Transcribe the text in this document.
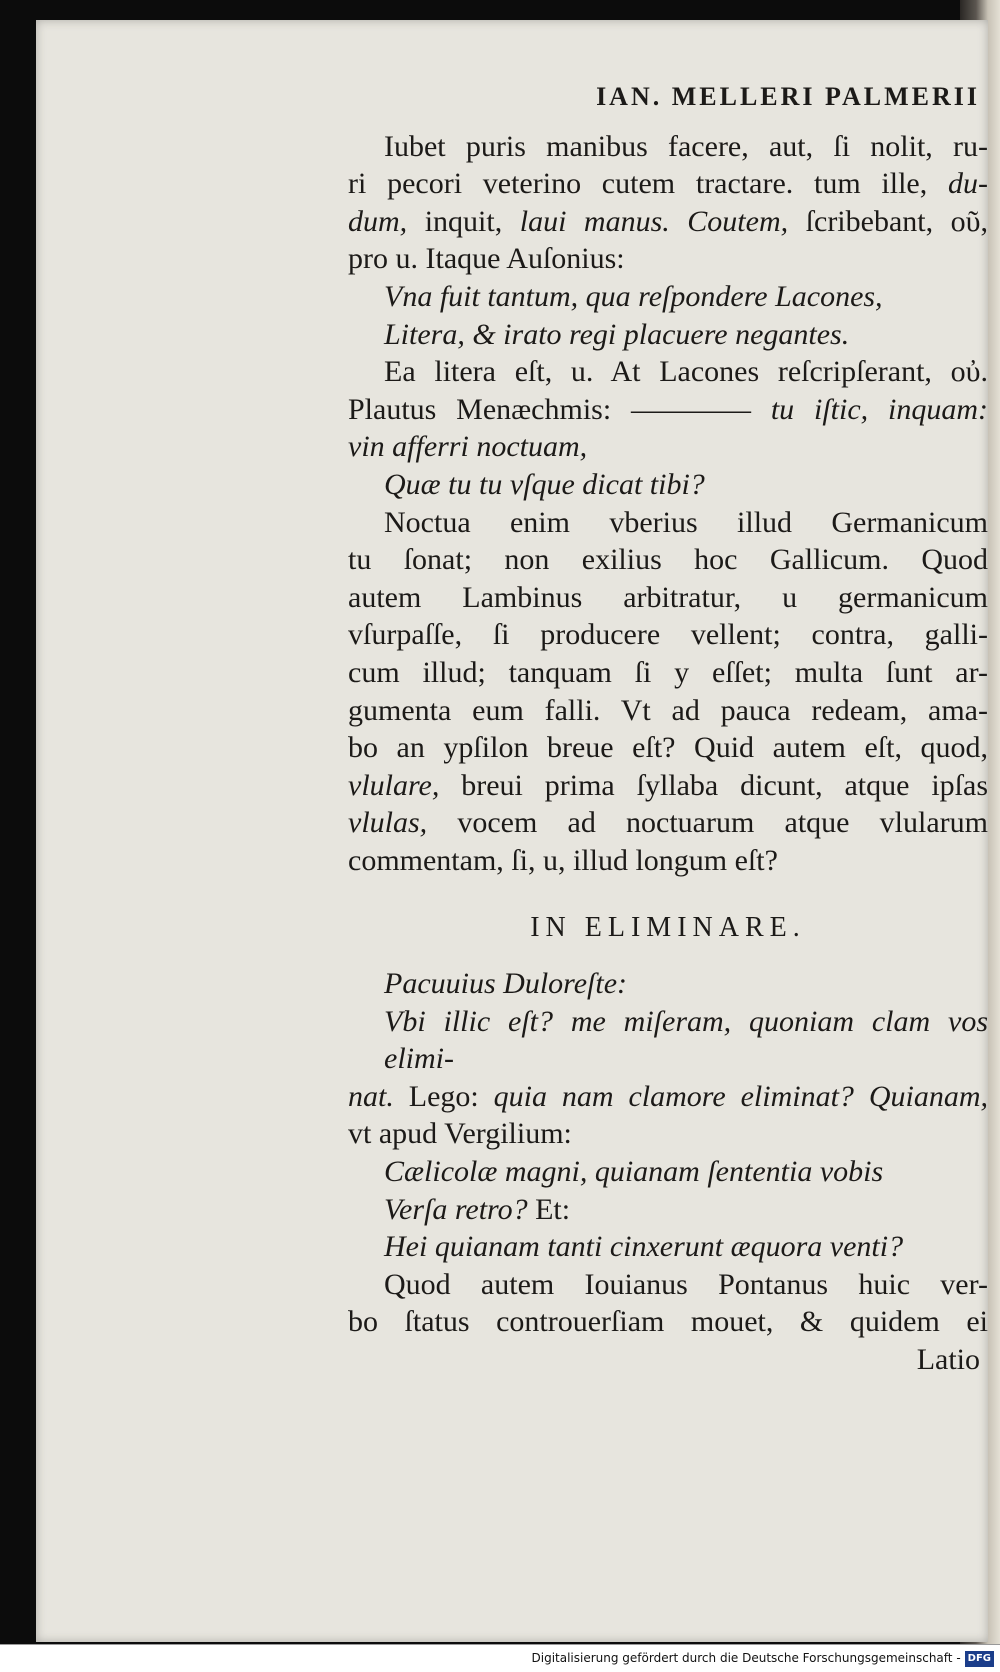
IAN. MELLERI PALMERII
Iubet puris manibus facere, aut, ſi nolit, ru-
ri pecori veterino cutem tractare. tum ille, du-
dum, inquit, laui manus. Coutem, ſcribebant, οῦ,
pro u. Itaque Auſonius:
Vna fuit tantum, qua reſpondere Lacones,
Litera, & irato regi placuere negantes.
Ea litera eſt, u. At Lacones reſcripſerant, οὐ.
Plautus Menæchmis: ———— tu iſtic, inquam:
vin afferri noctuam,
Quæ tu tu vſque dicat tibi?
Noctua enim vberius illud Germanicum
tu ſonat; non exilius hoc Gallicum. Quod
autem Lambinus arbitratur, u germanicum
vſurpaſſe, ſi producere vellent; contra, galli-
cum illud; tanquam ſi y eſſet; multa ſunt ar-
gumenta eum falli. Vt ad pauca redeam, ama-
bo an ypſilon breue eſt? Quid autem eſt, quod,
vlulare, breui prima ſyllaba dicunt, atque ipſas
vlulas, vocem ad noctuarum atque vlularum
commentam, ſi, u, illud longum eſt?
IN ELIMINARE.
Pacuuius Duloreſte:
Vbi illic eſt? me miſeram, quoniam clam vos elimi-
nat. Lego: quia nam clamore eliminat? Quianam,
vt apud Vergilium:
Cælicolæ magni, quianam ſententia vobis
Verſa retro? Et:
Hei quianam tanti cinxerunt æquora venti?
Quod autem Iouianus Pontanus huic ver-
bo ſtatus controuerſiam mouet, & quidem ei
Latio
Digitalisierung gefördert durch die Deutsche Forschungsgemeinschaft - DFG
